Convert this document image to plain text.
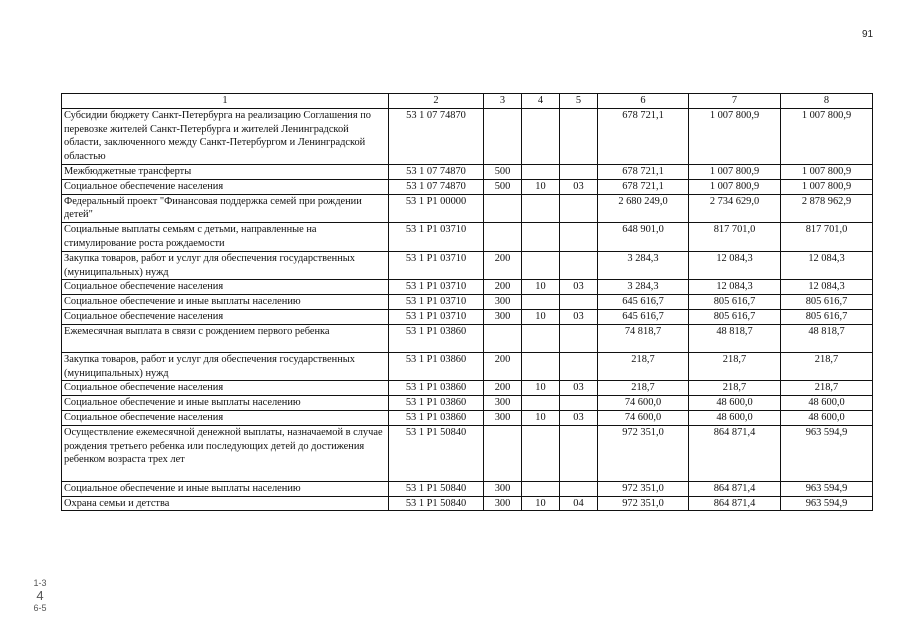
91
1	2	3	4	5	6	7	8
Субсидии бюджету Санкт-Петербурга на реализацию Соглашения по перевозке жителей Санкт-Петербурга и жителей Ленинградской области, заключенного между Санкт-Петербургом и Ленинградской областью	53 1 07 74870				678 721,1	1 007 800,9	1 007 800,9
Межбюджетные трансферты	53 1 07 74870	500			678 721,1	1 007 800,9	1 007 800,9
Социальное обеспечение населения	53 1 07 74870	500	10	03	678 721,1	1 007 800,9	1 007 800,9
Федеральный проект "Финансовая поддержка семей при рождении детей"	53 1 P1 00000				2 680 249,0	2 734 629,0	2 878 962,9
Социальные выплаты семьям с детьми, направленные на стимулирование роста рождаемости	53 1 P1 03710				648 901,0	817 701,0	817 701,0
Закупка товаров, работ и услуг для обеспечения государственных (муниципальных) нужд	53 1 P1 03710	200			3 284,3	12 084,3	12 084,3
Социальное обеспечение населения	53 1 P1 03710	200	10	03	3 284,3	12 084,3	12 084,3
Социальное обеспечение и иные выплаты населению	53 1 P1 03710	300			645 616,7	805 616,7	805 616,7
Социальное обеспечение населения	53 1 P1 03710	300	10	03	645 616,7	805 616,7	805 616,7
Ежемесячная выплата в связи с рождением первого ребенка	53 1 P1 03860				74 818,7	48 818,7	48 818,7
Закупка товаров, работ и услуг для обеспечения государственных (муниципальных) нужд	53 1 P1 03860	200			218,7	218,7	218,7
Социальное обеспечение населения	53 1 P1 03860	200	10	03	218,7	218,7	218,7
Социальное обеспечение и иные выплаты населению	53 1 P1 03860	300			74 600,0	48 600,0	48 600,0
Социальное обеспечение населения	53 1 P1 03860	300	10	03	74 600,0	48 600,0	48 600,0
Осуществление ежемесячной денежной выплаты, назначаемой в случае рождения третьего ребенка или последующих детей до достижения ребенком возраста трех лет	53 1 P1 50840				972 351,0	864 871,4	963 594,9
Социальное обеспечение и иные выплаты населению	53 1 P1 50840	300			972 351,0	864 871,4	963 594,9
Охрана семьи и детства	53 1 P1 50840	300	10	04	972 351,0	864 871,4	963 594,9
1-3
4
6-5
